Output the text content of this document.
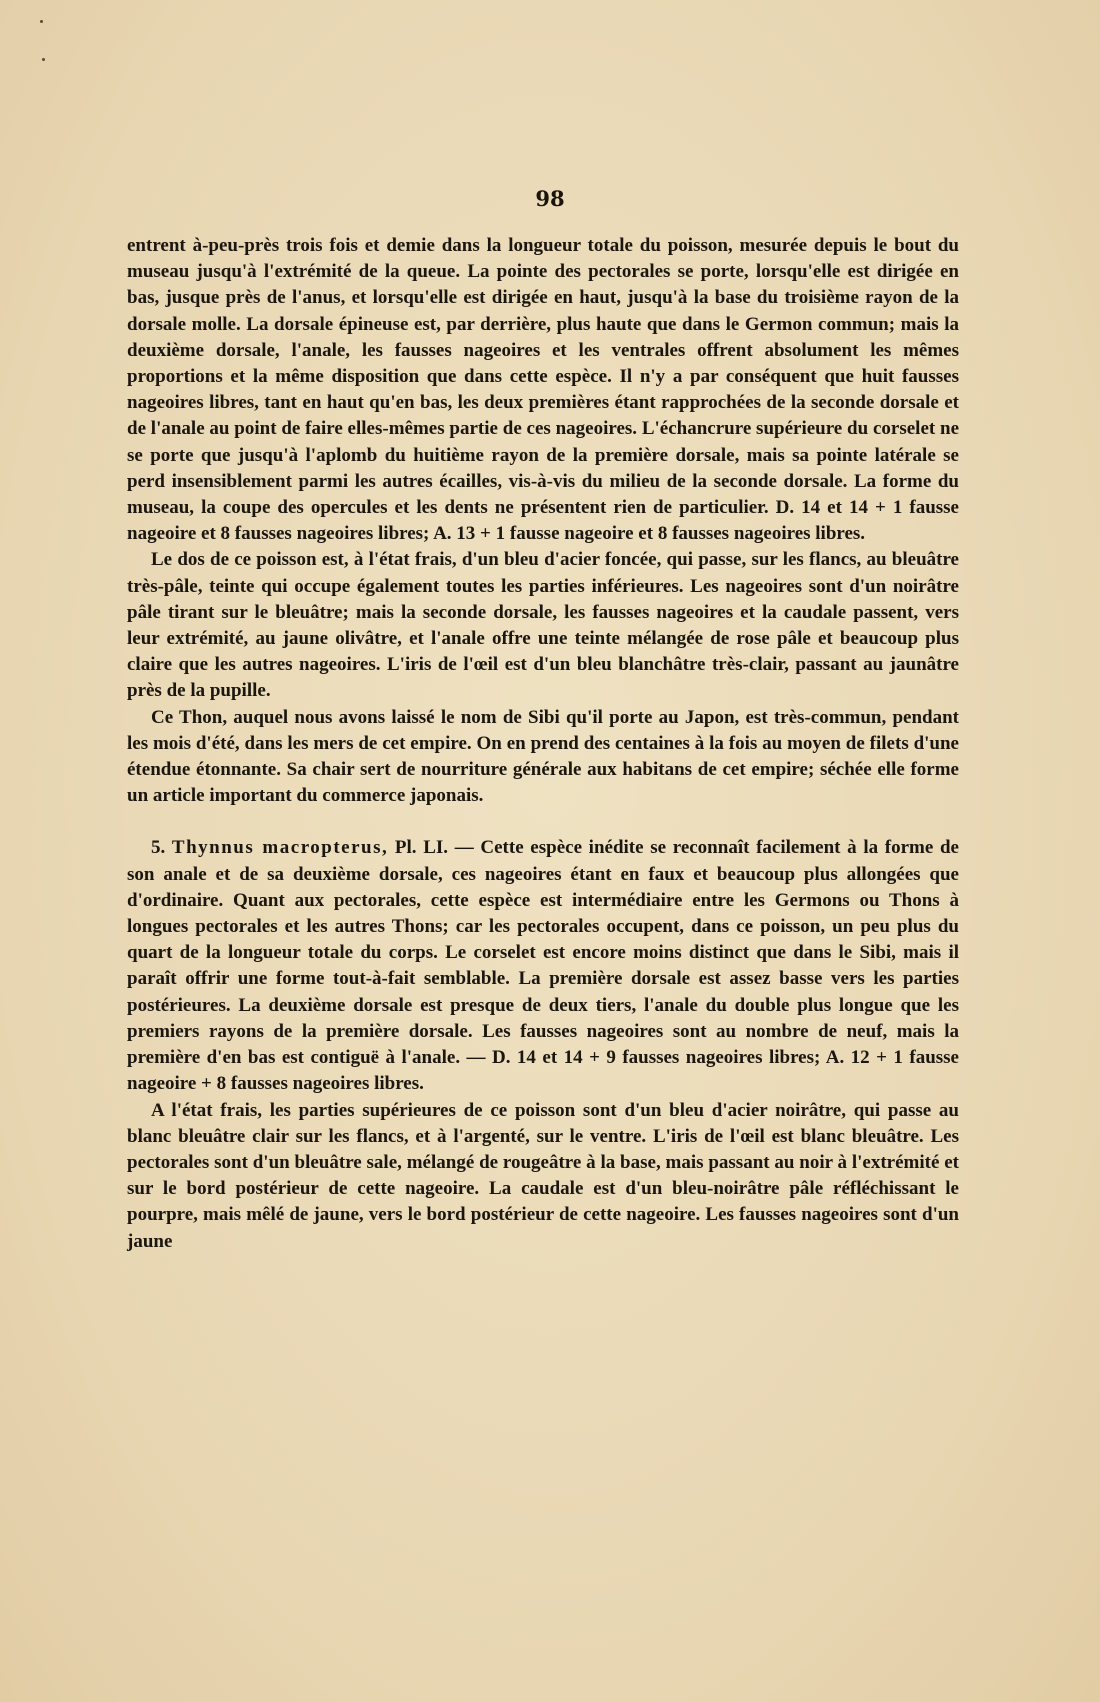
98

entrent à-peu-près trois fois et demie dans la longueur totale du poisson, mesurée depuis le bout du museau jusqu'à l'extrémité de la queue. La pointe des pectorales se porte, lorsqu'elle est dirigée en bas, jusque près de l'anus, et lorsqu'elle est dirigée en haut, jusqu'à la base du troisième rayon de la dorsale molle. La dorsale épineuse est, par derrière, plus haute que dans le Germon commun; mais la deuxième dorsale, l'anale, les fausses nageoires et les ventrales offrent absolument les mêmes proportions et la même disposition que dans cette espèce. Il n'y a par conséquent que huit fausses nageoires libres, tant en haut qu'en bas, les deux premières étant rapprochées de la seconde dorsale et de l'anale au point de faire elles-mêmes partie de ces nageoires. L'échancrure supérieure du corselet ne se porte que jusqu'à l'aplomb du huitième rayon de la première dorsale, mais sa pointe latérale se perd insensiblement parmi les autres écailles, vis-à-vis du milieu de la seconde dorsale. La forme du museau, la coupe des opercules et les dents ne présentent rien de particulier. D. 14 et 14 + 1 fausse nageoire et 8 fausses nageoires libres; A. 13 + 1 fausse nageoire et 8 fausses nageoires libres.

Le dos de ce poisson est, à l'état frais, d'un bleu d'acier foncée, qui passe, sur les flancs, au bleuâtre très-pâle, teinte qui occupe également toutes les parties inférieures. Les nageoires sont d'un noirâtre pâle tirant sur le bleuâtre; mais la seconde dorsale, les fausses nageoires et la caudale passent, vers leur extrémité, au jaune olivâtre, et l'anale offre une teinte mélangée de rose pâle et beaucoup plus claire que les autres nageoires. L'iris de l'œil est d'un bleu blanchâtre très-clair, passant au jaunâtre près de la pupille.

Ce Thon, auquel nous avons laissé le nom de Sibi qu'il porte au Japon, est très-commun, pendant les mois d'été, dans les mers de cet empire. On en prend des centaines à la fois au moyen de filets d'une étendue étonnante. Sa chair sert de nourriture générale aux habitans de cet empire; séchée elle forme un article important du commerce japonais.

5. Thynnus macropterus, Pl. LI. — Cette espèce inédite se reconnaît facilement à la forme de son anale et de sa deuxième dorsale, ces nageoires étant en faux et beaucoup plus allongées que d'ordinaire. Quant aux pectorales, cette espèce est intermédiaire entre les Germons ou Thons à longues pectorales et les autres Thons; car les pectorales occupent, dans ce poisson, un peu plus du quart de la longueur totale du corps. Le corselet est encore moins distinct que dans le Sibi, mais il paraît offrir une forme tout-à-fait semblable. La première dorsale est assez basse vers les parties postérieures. La deuxième dorsale est presque de deux tiers, l'anale du double plus longue que les premiers rayons de la première dorsale. Les fausses nageoires sont au nombre de neuf, mais la première d'en bas est contiguë à l'anale. — D. 14 et 14 + 9 fausses nageoires libres; A. 12 + 1 fausse nageoire + 8 fausses nageoires libres.

A l'état frais, les parties supérieures de ce poisson sont d'un bleu d'acier noirâtre, qui passe au blanc bleuâtre clair sur les flancs, et à l'argenté, sur le ventre. L'iris de l'œil est blanc bleuâtre. Les pectorales sont d'un bleuâtre sale, mélangé de rougeâtre à la base, mais passant au noir à l'extrémité et sur le bord postérieur de cette nageoire. La caudale est d'un bleu-noirâtre pâle réfléchissant le pourpre, mais mêlé de jaune, vers le bord postérieur de cette nageoire. Les fausses nageoires sont d'un jaune
